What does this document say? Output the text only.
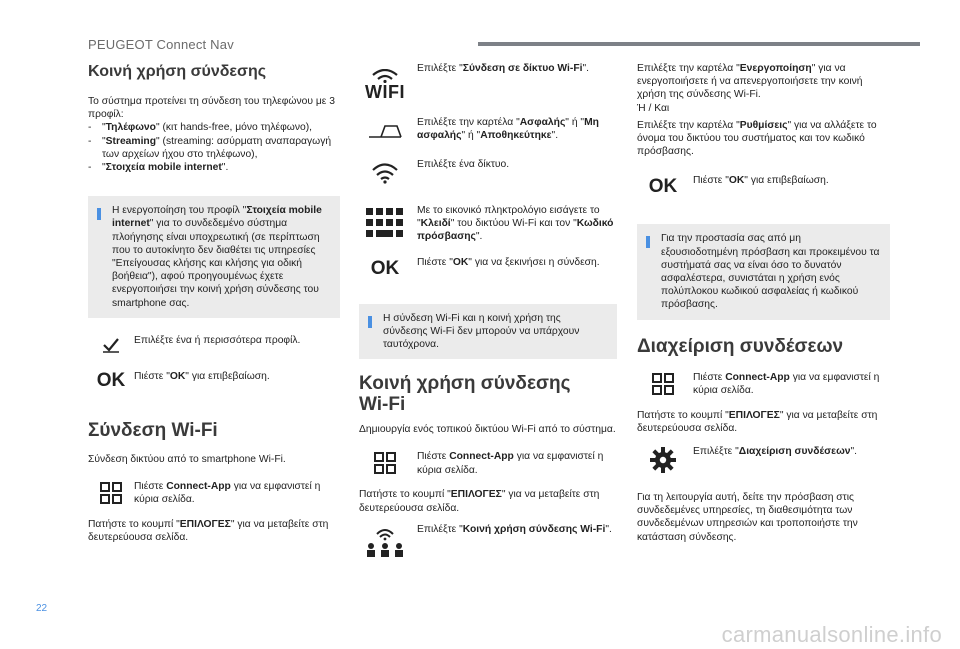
PEUGEOT Connect Nav
Κοινή χρήση σύνδεσης

Το σύστημα προτείνει τη σύνδεση του τηλεφώνου με 3 προφίλ:

-	"Τηλέφωνο" (κιτ hands-free, μόνο τηλέφωνο),
-	"Streaming" (streaming: ασύρματη αναπαραγωγή των αρχείων ήχου στο τηλέφωνο),
-	"Στοιχεία mobile internet".
Η ενεργοποίηση του προφίλ "Στοιχεία mobile internet" για το συνδεδεμένο σύστημα πλοήγησης είναι υποχρεωτική (σε περίπτωση που το αυτοκίνητο δεν διαθέτει τις υπηρεσίες "Επείγουσας κλήσης και κλήσης για οδική βοήθεια"), αφού προηγουμένως έχετε ενεργοποιήσει την κοινή χρήση σύνδεσης του smartphone σας.

Επιλέξτε ένα ή περισσότερα προφίλ.

OK Πιέστε "OK" για επιβεβαίωση.

Σύνδεση Wi-Fi

Σύνδεση δικτύου από το smartphone Wi-Fi.

Πιέστε Connect-App για να εμφανιστεί η κύρια σελίδα.

Πατήστε το κουμπί "ΕΠΙΛΟΓΕΣ" για να μεταβείτε στη δευτερεύουσα σελίδα.

WIFI

Επιλέξτε "Σύνδεση σε δίκτυο Wi-Fi".

Επιλέξτε την καρτέλα "Ασφαλής" ή "Μη ασφαλής" ή "Αποθηκεύτηκε".

Επιλέξτε ένα δίκτυο.

Με το εικονικό πληκτρολόγιο εισάγετε το "Κλειδί" του δικτύου Wi-Fi και τον "Κωδικό πρόσβασης".

OK	Πιέστε "OK" για να ξεκινήσει η σύνδεση.

Η σύνδεση Wi-Fi και η κοινή χρήση της σύνδεσης Wi-Fi δεν μπορούν να υπάρχουν ταυτόχρονα.
Κοινή χρήση σύνδεσης
Wi-Fi

Δημιουργία ενός τοπικού δικτύου Wi-Fi από το σύστημα.

Πιέστε Connect-App για να εμφανιστεί η κύρια σελίδα.

Πατήστε το κουμπί "ΕΠΙΛΟΓΕΣ" για να μεταβείτε στη δευτερεύουσα σελίδα.

Επιλέξτε "Κοινή χρήση σύνδεσης Wi-Fi".

Επιλέξτε την καρτέλα "Ενεργοποίηση" για να ενεργοποιήσετε ή να απενεργοποιήσετε την κοινή χρήση της σύνδεσης Wi-Fi.

Ή / Και

Επιλέξτε την καρτέλα "Ρυθμίσεις" για να αλλάξετε το όνομα του δικτύου του συστήματος και τον κωδικό πρόσβασης.

OK	Πιέστε "OK" για επιβεβαίωση.

Για την προστασία σας από μη εξουσιοδοτημένη πρόσβαση και προκειμένου τα συστήματά σας να είναι όσο το δυνατόν ασφαλέστερα, συνιστάται η χρήση ενός πολύπλοκου κωδικού ασφαλείας ή κωδικού πρόσβασης.
Διαχείριση συνδέσεων

Πιέστε Connect-App για να εμφανιστεί η κύρια σελίδα.

Πατήστε το κουμπί "ΕΠΙΛΟΓΕΣ" για να μεταβείτε στη δευτερεύουσα σελίδα.

Επιλέξτε "Διαχείριση συνδέσεων".

Για τη λειτουργία αυτή, δείτε την πρόσβαση στις συνδεδεμένες υπηρεσίες, τη διαθεσιμότητα των συνδεδεμένων υπηρεσιών και τροποποιήστε την κατάσταση σύνδεσης.

22
carmanualsonline.info
